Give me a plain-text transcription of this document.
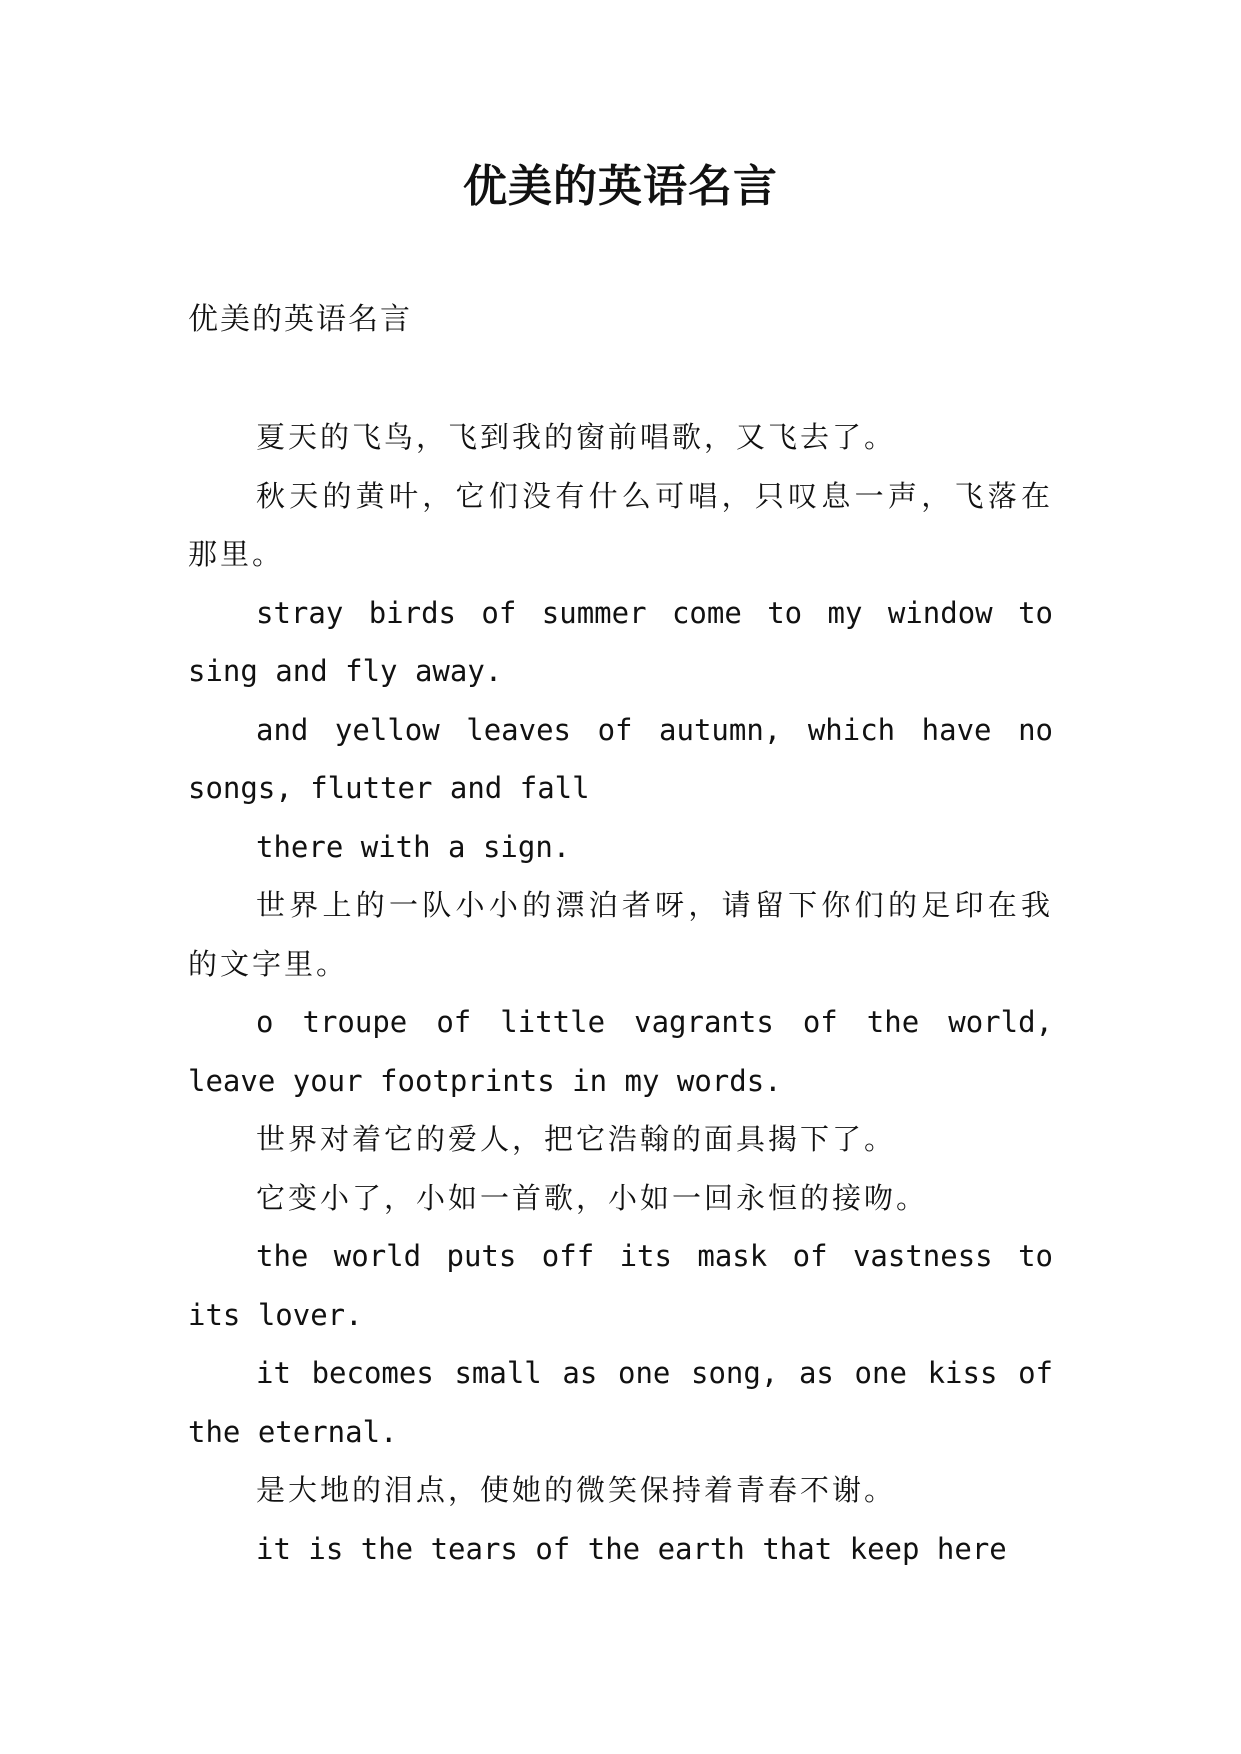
优美的英语名言
优美的英语名言

夏天的飞鸟，飞到我的窗前唱歌，又飞去了。

秋天的黄叶，它们没有什么可唱，只叹息一声，飞落在那里。

stray birds of summer come to my window to sing and fly away.

and yellow leaves of autumn, which have no songs, flutter and fall

there with a sign.

世界上的一队小小的漂泊者呀，请留下你们的足印在我的文字里。

o troupe of little vagrants of the world, leave your footprints in my words.

世界对着它的爱人，把它浩翰的面具揭下了。

它变小了，小如一首歌，小如一回永恒的接吻。

the world puts off its mask of vastness to its lover.

it becomes small as one song, as one kiss of the eternal.

是大地的泪点，使她的微笑保持着青春不谢。

it is the tears of the earth that keep here
